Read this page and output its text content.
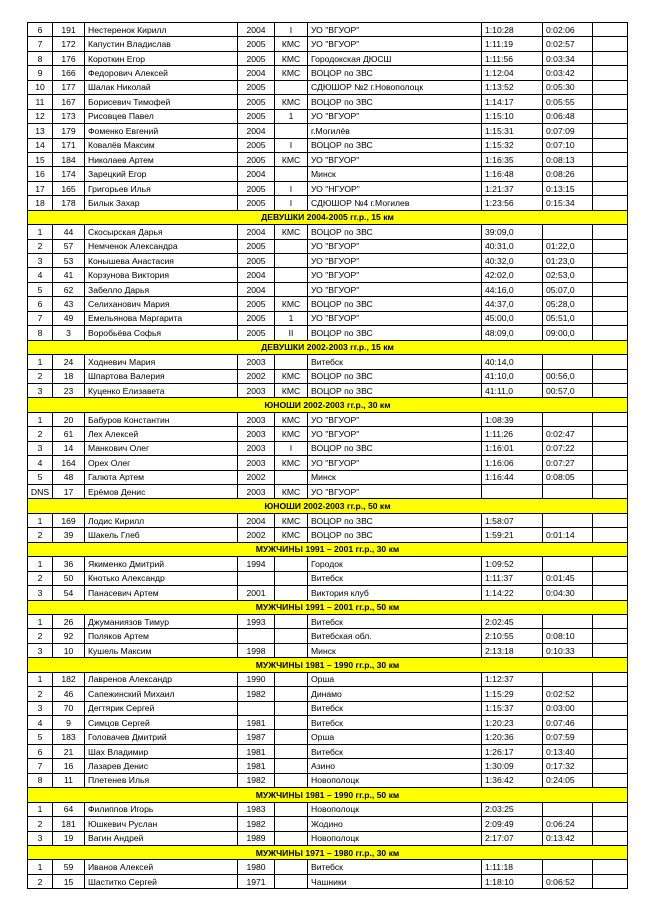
6	191	Нестеренок Кирилл	2004	I	УО "ВГУОР"	1:10:28	0:02:06	
7	172	Капустин Владислав	2005	КМС	УО "ВГУОР"	1:11:19	0:02:57	
8	176	Короткин Егор	2005	КМС	Городокская ДЮСШ	1:11:56	0:03:34	
9	166	Федорович Алексей	2004	КМС	ВОЦОР по ЗВС	1:12:04	0:03:42	
10	177	Шалак Николай	2005		СДЮШОР №2 г.Новополоцк	1:13:52	0:05:30	
11	167	Борисевич Тимофей	2005	КМС	ВОЦОР по ЗВС	1:14:17	0:05:55	
12	173	Рисовцев Павел	2005	1	УО "ВГУОР"	1:15:10	0:06:48	
13	179	Фоменко Евгений	2004		г.Могилёв	1:15:31	0:07:09	
14	171	Ковалёв Максим	2005	I	ВОЦОР по ЗВС	1:15:32	0:07:10	
15	184	Николаев Артем	2005	КМС	УО "ВГУОР"	1:16:35	0:08:13	
16	174	Зарецкий Егор	2004		Минск	1:16:48	0:08:26	
17	165	Григорьев Илья	2005	I	УО "НГУОР"	1:21:37	0:13:15	
18	178	Билык Захар	2005	I	СДЮШОР №4 г.Могилев	1:23:56	0:15:34	
ДЕВУШКИ 2004-2005 гг.р., 15 км								
1	44	Скосырская Дарья	2004	КМС	ВОЦОР по ЗВС	39:09,0		
2	57	Немченок Александра	2005		УО "ВГУОР"	40:31,0	01:22,0	
3	53	Конышева Анастасия	2005		УО "ВГУОР"	40:32,0	01:23,0	
4	41	Корзунова Виктория	2004		УО "ВГУОР"	42:02,0	02:53,0	
5	62	Забелло Дарья	2004		УО "ВГУОР"	44:16,0	05:07,0	
6	43	Селиханович Мария	2005	КМС	ВОЦОР по ЗВС	44:37,0	05:28,0	
7	49	Емельянова Маргарита	2005	1	УО "ВГУОР"	45:00,0	05:51,0	
8	3	Воробьёва Софья	2005	II	ВОЦОР по ЗВС	48:09,0	09:00,0	
ДЕВУШКИ 2002-2003 гг.р., 15 км								
1	24	Ходневич Мария	2003		Витебск	40:14,0		
2	18	Шпартова Валерия	2002	КМС	ВОЦОР по ЗВС	41:10,0	00:56,0	
3	23	Куценко Елизавета	2003	КМС	ВОЦОР по ЗВС	41:11,0	00:57,0	
ЮНОШИ 2002-2003 гг.р., 30 км								
1	20	Бабуров Константин	2003	КМС	УО "ВГУОР"	1:08:39		
2	61	Лех Алексей	2003	КМС	УО "ВГУОР"	1:11:26	0:02:47	
3	14	Манкович Олег	2003	I	ВОЦОР по ЗВС	1:16:01	0:07:22	
4	164	Орех Олег	2003	КМС	УО "ВГУОР"	1:16:06	0:07:27	
5	48	Галюта Артем	2002		Минск	1:16:44	0:08:05	
DNS	17	Ерёмов Денис	2003	КМС	УО "ВГУОР"			
ЮНОШИ 2002-2003 гг.р., 50 км								
1	169	Лодис Кирилл	2004	КМС	ВОЦОР по ЗВС	1:58:07		
2	39	Шакель Глеб	2002	КМС	ВОЦОР по ЗВС	1:59:21	0:01:14	
МУЖЧИНЫ 1991 – 2001 гг.р., 30 км								
1	36	Якименко Дмитрий	1994		Городок	1:09:52		
2	50	Кнотько Александр			Витебск	1:11:37	0:01:45	
3	54	Панасевич Артем	2001		Виктория клуб	1:14:22	0:04:30	
МУЖЧИНЫ 1991 – 2001 гг.р., 50 км								
1	26	Джуманиязов Тимур	1993		Витебск	2:02:45		
2	92	Поляков Артем			Витебская обл.	2:10:55	0:08:10	
3	10	Кушель Максим	1998		Минск	2:13:18	0:10:33	
МУЖЧИНЫ 1981 – 1990 гг.р., 30 км								
1	182	Лавренов Александр	1990		Орша	1:12:37		
2	46	Сапежинский Михаил	1982		Динамо	1:15:29	0:02:52	
3	70	Дегтярик Сергей			Витебск	1:15:37	0:03:00	
4	9	Симцов Сергей	1981		Витебск	1:20:23	0:07:46	
5	183	Головачев Дмитрий	1987		Орша	1:20:36	0:07:59	
6	21	Шах Владимир	1981		Витебск	1:26:17	0:13:40	
7	16	Лазарев Денис	1981		Азино	1:30:09	0:17:32	
8	11	Плетенев Илья	1982		Новополоцк	1:36:42	0:24:05	
МУЖЧИНЫ 1981 – 1990 гг.р., 50 км								
1	64	Филиппов Игорь	1983		Новополоцк	2:03:25		
2	181	Юшкевич Руслан	1982		Жодино	2:09:49	0:06:24	
3	19	Вагин Андрей	1989		Новополоцк	2:17:07	0:13:42	
МУЖЧИНЫ 1971 – 1980 гг.р., 30 км								
1	59	Иванов Алексей	1980		Витебск	1:11:18		
2	15	Шаститко Сергей	1971		Чашники	1:18:10	0:06:52	
